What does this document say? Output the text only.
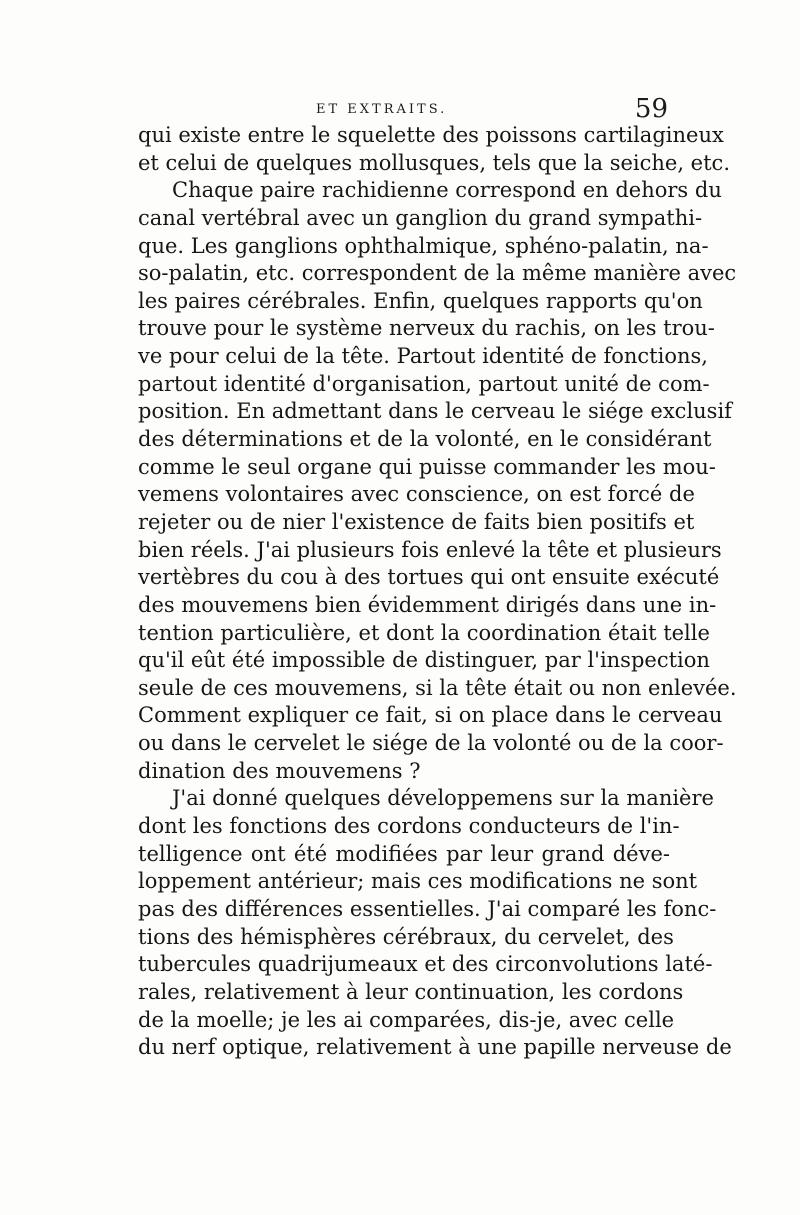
ET EXTRAITS.	59
qui existe entre le squelette des poissons cartilagineux
et celui de quelques mollusques, tels que la seiche, etc.
Chaque paire rachidienne correspond en dehors du
canal vertébral avec un ganglion du grand sympathi-
que. Les ganglions ophthalmique, sphéno-palatin, na-
so-palatin, etc. correspondent de la même manière avec
les paires cérébrales. Enfin, quelques rapports qu'on
trouve pour le système nerveux du rachis, on les trou-
ve pour celui de la tête. Partout identité de fonctions,
partout identité d'organisation, partout unité de com-
position. En admettant dans le cerveau le siége exclusif
des déterminations et de la volonté, en le considérant
comme le seul organe qui puisse commander les mou-
vemens volontaires avec conscience, on est forcé de
rejeter ou de nier l'existence de faits bien positifs et
bien réels. J'ai plusieurs fois enlevé la tête et plusieurs
vertèbres du cou à des tortues qui ont ensuite exécuté
des mouvemens bien évidemment dirigés dans une in-
tention particulière, et dont la coordination était telle
qu'il eût été impossible de distinguer, par l'inspection
seule de ces mouvemens, si la tête était ou non enlevée.
Comment expliquer ce fait, si on place dans le cerveau
ou dans le cervelet le siége de la volonté ou de la coor-
dination des mouvemens ?
J'ai donné quelques développemens sur la manière
dont les fonctions des cordons conducteurs de l'in-
telligence ont été modifiées par leur grand déve-
loppement antérieur; mais ces modifications ne sont
pas des différences essentielles. J'ai comparé les fonc-
tions des hémisphères cérébraux, du cervelet, des
tubercules quadrijumeaux et des circonvolutions laté-
rales, relativement à leur continuation, les cordons
de la moelle; je les ai comparées, dis-je, avec celle
du nerf optique, relativement à une papille nerveuse de
